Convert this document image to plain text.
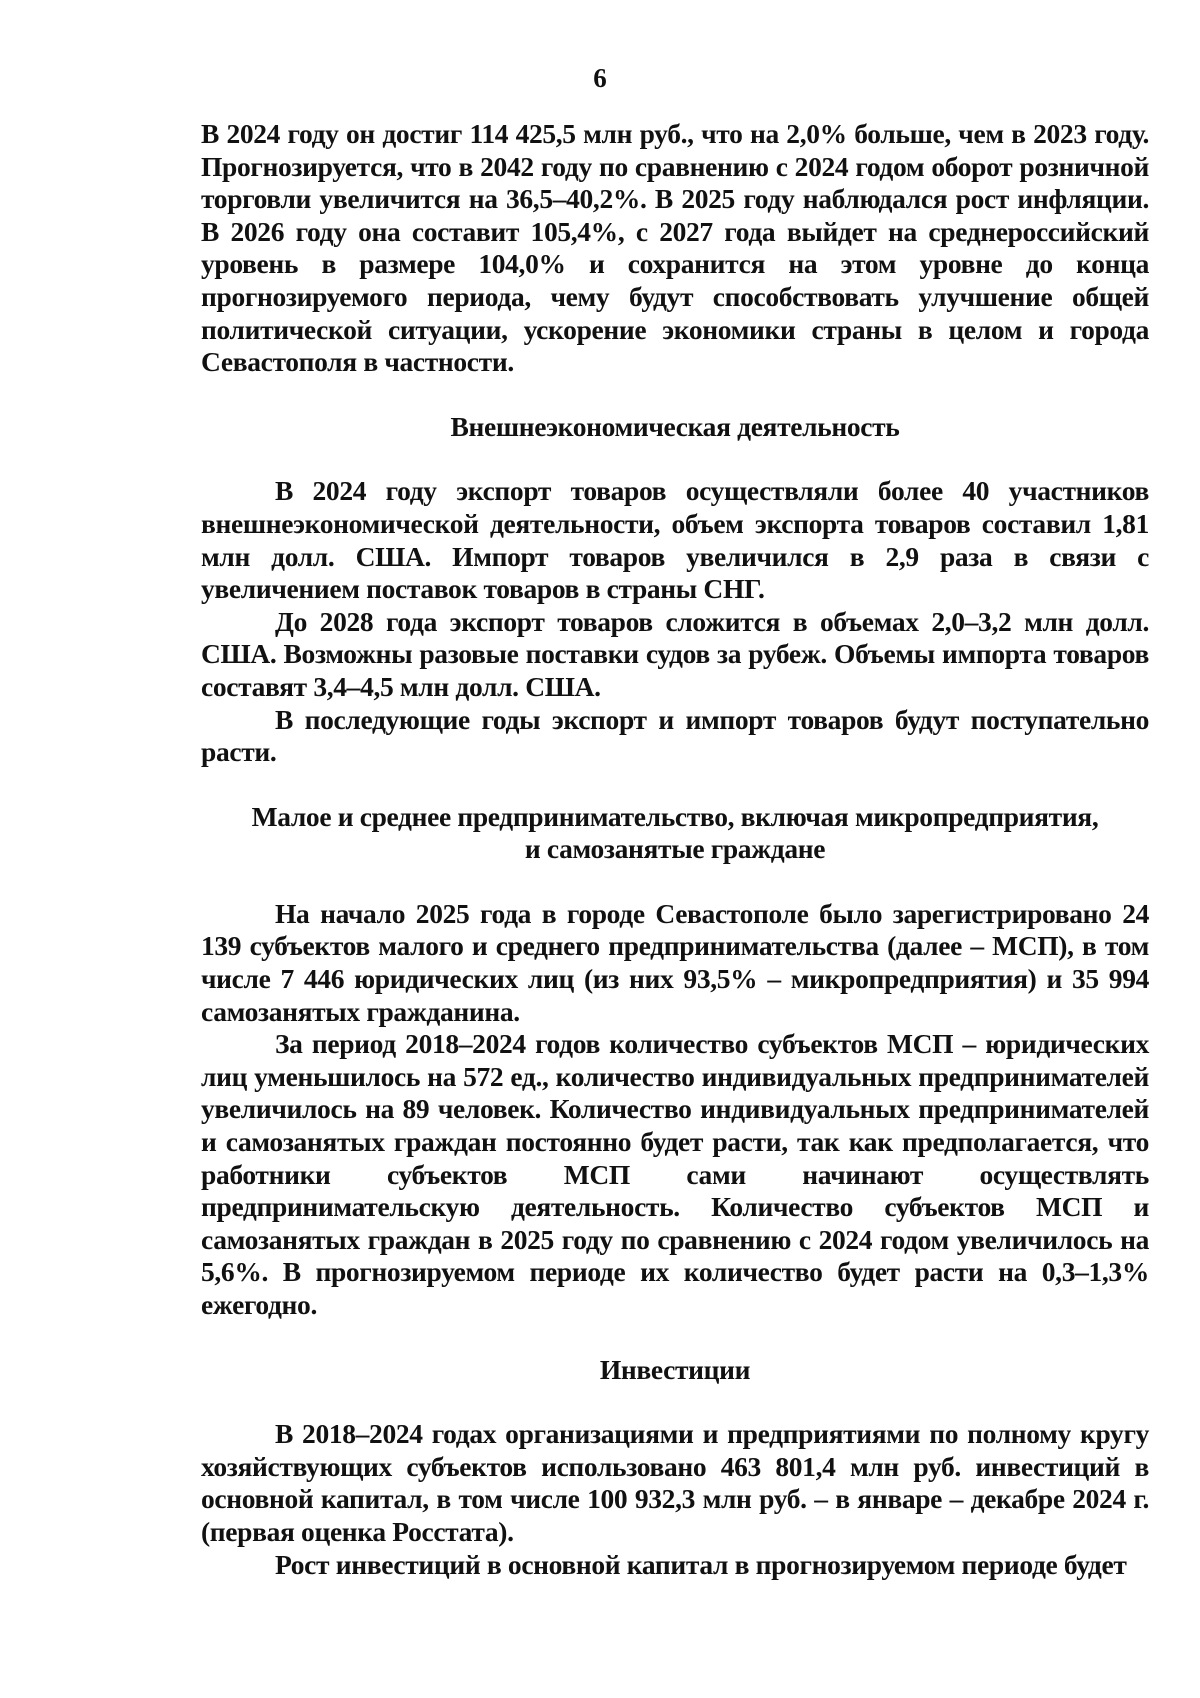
6

В 2024 году он достиг 114 425,5 млн руб., что на 2,0% больше, чем в 2023 году. Прогнозируется, что в 2042 году по сравнению с 2024 годом оборот розничной торговли увеличится на 36,5–40,2%. В 2025 году наблюдался рост инфляции. В 2026 году она составит 105,4%, с 2027 года выйдет на среднероссийский уровень в размере 104,0% и сохранится на этом уровне до конца прогнозируемого периода, чему будут способствовать улучшение общей политической ситуации, ускорение экономики страны в целом и города Севастополя в частности.

Внешнеэкономическая деятельность

В 2024 году экспорт товаров осуществляли более 40 участников внешнеэкономической деятельности, объем экспорта товаров составил 1,81 млн долл. США. Импорт товаров увеличился в 2,9 раза в связи с увеличением поставок товаров в страны СНГ.

До 2028 года экспорт товаров сложится в объемах 2,0–3,2 млн долл. США. Возможны разовые поставки судов за рубеж. Объемы импорта товаров составят 3,4–4,5 млн долл. США.

В последующие годы экспорт и импорт товаров будут поступательно расти.

Малое и среднее предпринимательство, включая микропредприятия,

и самозанятые граждане

На начало 2025 года в городе Севастополе было зарегистрировано 24 139 субъектов малого и среднего предпринимательства (далее – МСП), в том числе 7 446 юридических лиц (из них 93,5% – микропредприятия) и 35 994 самозанятых гражданина.

За период 2018–2024 годов количество субъектов МСП – юридических лиц уменьшилось на 572 ед., количество индивидуальных предпринимателей увеличилось на 89 человек. Количество индивидуальных предпринимателей и самозанятых граждан постоянно будет расти, так как предполагается, что работники субъектов МСП сами начинают осуществлять предпринимательскую деятельность. Количество субъектов МСП и самозанятых граждан в 2025 году по сравнению с 2024 годом увеличилось на 5,6%. В прогнозируемом периоде их количество будет расти на 0,3–1,3% ежегодно.

Инвестиции

В 2018–2024 годах организациями и предприятиями по полному кругу хозяйствующих субъектов использовано 463 801,4 млн руб. инвестиций в основной капитал, в том числе 100 932,3 млн руб. – в январе – декабре 2024 г. (первая оценка Росстата).

Рост инвестиций в основной капитал в прогнозируемом периоде будет
